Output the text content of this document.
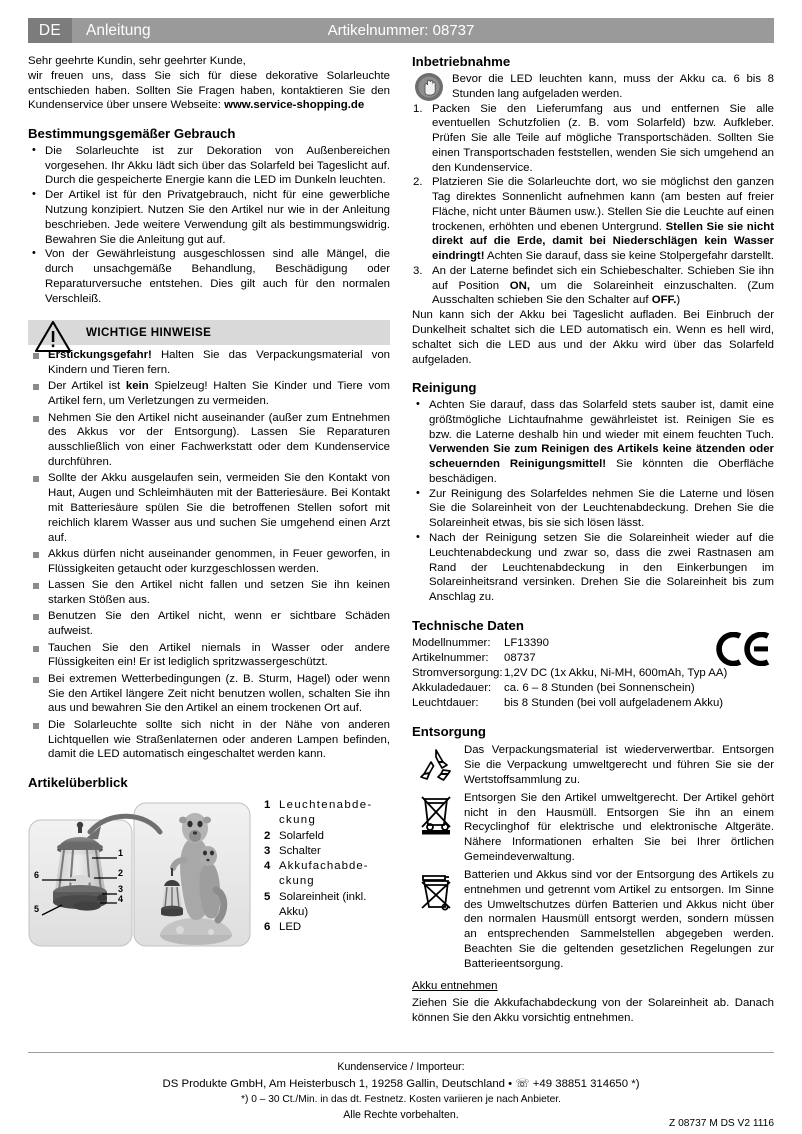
DE	Anleitung	Artikelnummer: 08737
Sehr geehrte Kundin, sehr geehrter Kunde,
wir freuen uns, dass Sie sich für diese dekorative Solarleuchte entschieden haben. Sollten Sie Fragen haben, kontaktieren Sie den Kundenservice über unsere Webseite: www.service-shopping.de
Bestimmungsgemäßer Gebrauch
• Die Solarleuchte ist zur Dekoration von Außenbereichen vorgesehen. Ihr Akku lädt sich über das Solarfeld bei Tageslicht auf. Durch die gespeicherte Energie kann die LED im Dunkeln leuchten.
• Der Artikel ist für den Privatgebrauch, nicht für eine gewerbliche Nutzung konzipiert. Nutzen Sie den Artikel nur wie in der Anleitung beschrieben. Jede weitere Verwendung gilt als bestimmungswidrig. Bewahren Sie die Anleitung gut auf.
• Von der Gewährleistung ausgeschlossen sind alle Mängel, die durch unsachgemäße Behandlung, Beschädigung oder Reparaturversuche entstehen. Dies gilt auch für den normalen Verschleiß.
WICHTIGE HINWEISE
Erstickungsgefahr! Halten Sie das Verpackungsmaterial von Kindern und Tieren fern.
Der Artikel ist kein Spielzeug! Halten Sie Kinder und Tiere vom Artikel fern, um Verletzungen zu vermeiden.
Nehmen Sie den Artikel nicht auseinander (außer zum Entnehmen des Akkus vor der Entsorgung). Lassen Sie Reparaturen ausschließlich von einer Fachwerkstatt oder dem Kundenservice durchführen.
Sollte der Akku ausgelaufen sein, vermeiden Sie den Kontakt von Haut, Augen und Schleimhäuten mit der Batteriesäure. Bei Kontakt mit Batteriesäure spülen Sie die betroffenen Stellen sofort mit reichlich klarem Wasser aus und suchen Sie umgehend einen Arzt auf.
Akkus dürfen nicht auseinander genommen, in Feuer geworfen, in Flüssigkeiten getaucht oder kurzgeschlossen werden.
Lassen Sie den Artikel nicht fallen und setzen Sie ihn keinen starken Stößen aus.
Benutzen Sie den Artikel nicht, wenn er sichtbare Schäden aufweist.
Tauchen Sie den Artikel niemals in Wasser oder andere Flüssigkeiten ein! Er ist lediglich spritzwassergeschützt.
Bei extremen Wetterbedingungen (z. B. Sturm, Hagel) oder wenn Sie den Artikel längere Zeit nicht benutzen wollen, schalten Sie ihn aus und bewahren Sie den Artikel an einem trockenen Ort auf.
Die Solarleuchte sollte sich nicht in der Nähe von anderen Lichtquellen wie Straßenlaternen oder anderen Lampen befinden, damit die LED automatisch eingeschaltet werden kann.
Artikelüberblick
1
2
3
4
6
5
1 Leuchtenabde-
ckung
2 Solarfeld
3 Schalter
4 Akkufachabde-
ckung
5 Solareinheit (inkl.
Akku)
6 LED
Inbetriebnahme
Bevor die LED leuchten kann, muss der Akku ca. 6 bis 8 Stunden lang aufgeladen werden.
Packen Sie den Lieferumfang aus und entfernen Sie alle eventuellen Schutzfolien (z. B. vom Solarfeld) bzw. Aufkleber. Prüfen Sie alle Teile auf mögliche Transportschäden. Sollten Sie einen Transportschaden feststellen, wenden Sie sich umgehend an den Kundenservice.
Platzieren Sie die Solarleuchte dort, wo sie möglichst den ganzen Tag direktes Sonnenlicht aufnehmen kann (am besten auf freier Fläche, nicht unter Bäumen usw.). Stellen Sie die Leuchte auf einen trockenen, erhöhten und ebenen Untergrund. Stellen Sie sie nicht direkt auf die Erde, damit bei Niederschlägen kein Wasser eindringt! Achten Sie darauf, dass sie keine Stolpergefahr darstellt.
An der Laterne befindet sich ein Schiebeschalter. Schieben Sie ihn auf Position ON, um die Solareinheit einzuschalten. (Zum Ausschalten schieben Sie den Schalter auf OFF.)
Nun kann sich der Akku bei Tageslicht aufladen. Bei Einbruch der Dunkelheit schaltet sich die LED automatisch ein. Wenn es hell wird, schaltet sich die LED aus und der Akku wird über das Solarfeld aufgeladen.
Reinigung
• Achten Sie darauf, dass das Solarfeld stets sauber ist, damit eine größtmögliche Lichtaufnahme gewährleistet ist. Reinigen Sie es bzw. die Laterne deshalb hin und wieder mit einem feuchten Tuch. Verwenden Sie zum Reinigen des Artikels keine ätzenden oder scheuernden Reinigungsmittel! Sie könnten die Oberfläche beschädigen.
• Zur Reinigung des Solarfeldes nehmen Sie die Laterne und lösen Sie die Solareinheit von der Leuchtenabdeckung. Drehen Sie die Solareinheit etwas, bis sie sich lösen lässt.
• Nach der Reinigung setzen Sie die Solareinheit wieder auf die Leuchtenabdeckung und zwar so, dass die zwei Rastnasen am Rand der Leuchtenabdeckung in den Einkerbungen im Solareinheitsrand versinken. Drehen Sie die Solareinheit bis zum Anschlag zu.
Technische Daten
Modellnummer:	LF13390
Artikelnummer:	08737
Stromversorgung: 1,2V DC (1x Akku, Ni-MH, 600mAh, Typ AA)
Akkuladedauer:	ca. 6 – 8 Stunden (bei Sonnenschein)
Leuchtdauer:	bis 8 Stunden (bei voll aufgeladenem Akku)
Entsorgung
Das Verpackungsmaterial ist wiederverwertbar. Entsorgen Sie die Verpackung umweltgerecht und führen Sie sie der Wertstoffsammlung zu.
Entsorgen Sie den Artikel umweltgerecht. Der Artikel gehört nicht in den Hausmüll. Entsorgen Sie ihn an einem Recyclinghof für elektrische und elektronische Altgeräte. Nähere Informationen erhalten Sie bei Ihrer örtlichen Gemeindeverwaltung.
Batterien und Akkus sind vor der Entsorgung des Artikels zu entnehmen und getrennt vom Artikel zu entsorgen. Im Sinne des Umweltschutzes dürfen Batterien und Akkus nicht über den normalen Hausmüll entsorgt werden, sondern müssen an entsprechenden Sammelstellen abgegeben werden. Beachten Sie die geltenden gesetzlichen Regelungen zur Batterieentsorgung.
Akku entnehmen
Ziehen Sie die Akkufachabdeckung von der Solareinheit ab. Danach können Sie den Akku vorsichtig entnehmen.
Kundenservice / Importeur:
DS Produkte GmbH, Am Heisterbusch 1, 19258 Gallin, Deutschland • ☏ +49 38851 314650 *)
*) 0 – 30 Ct./Min. in das dt. Festnetz. Kosten variieren je nach Anbieter.
Alle Rechte vorbehalten.
Z 08737 M DS V2 1116
